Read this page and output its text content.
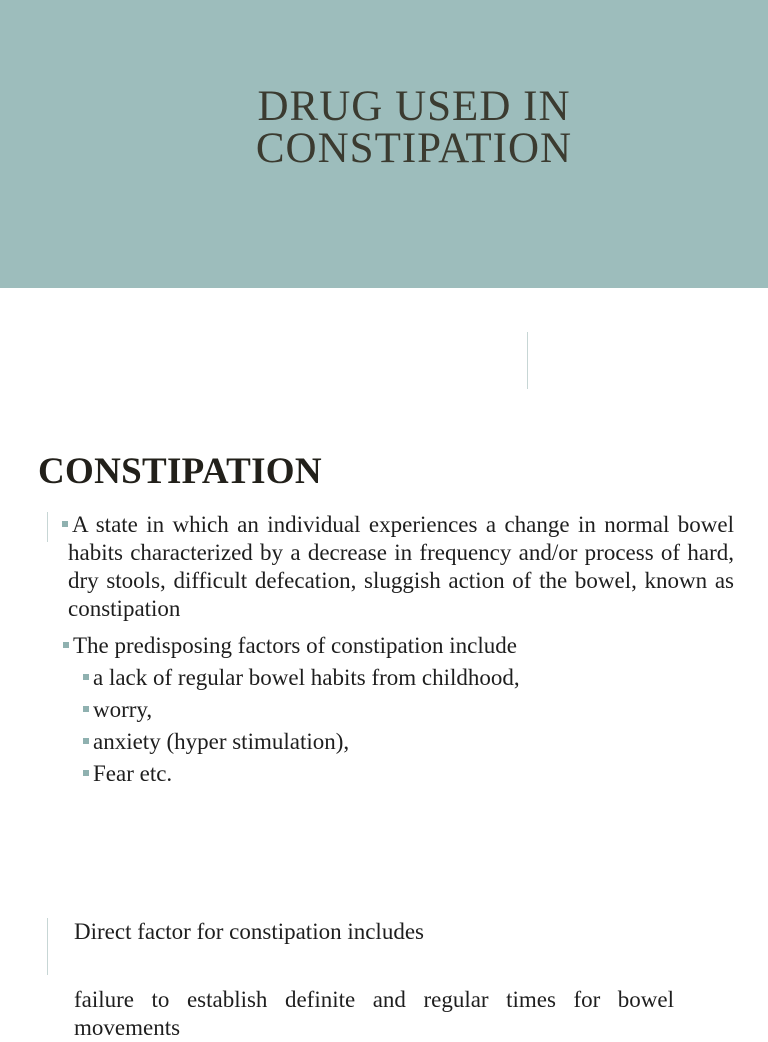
DRUG USED IN
CONSTIPATION
CONSTIPATION
A state in which an individual experiences a change in normal bowel habits characterized by a decrease in frequency and/or process of hard, dry stools, difficult defecation, sluggish action of the bowel, known as constipation
The predisposing factors of constipation include
a lack of regular bowel habits from childhood,
worry,
anxiety (hyper stimulation),
Fear etc.
Direct factor for constipation includes
failure to establish definite and regular times for bowel movements
